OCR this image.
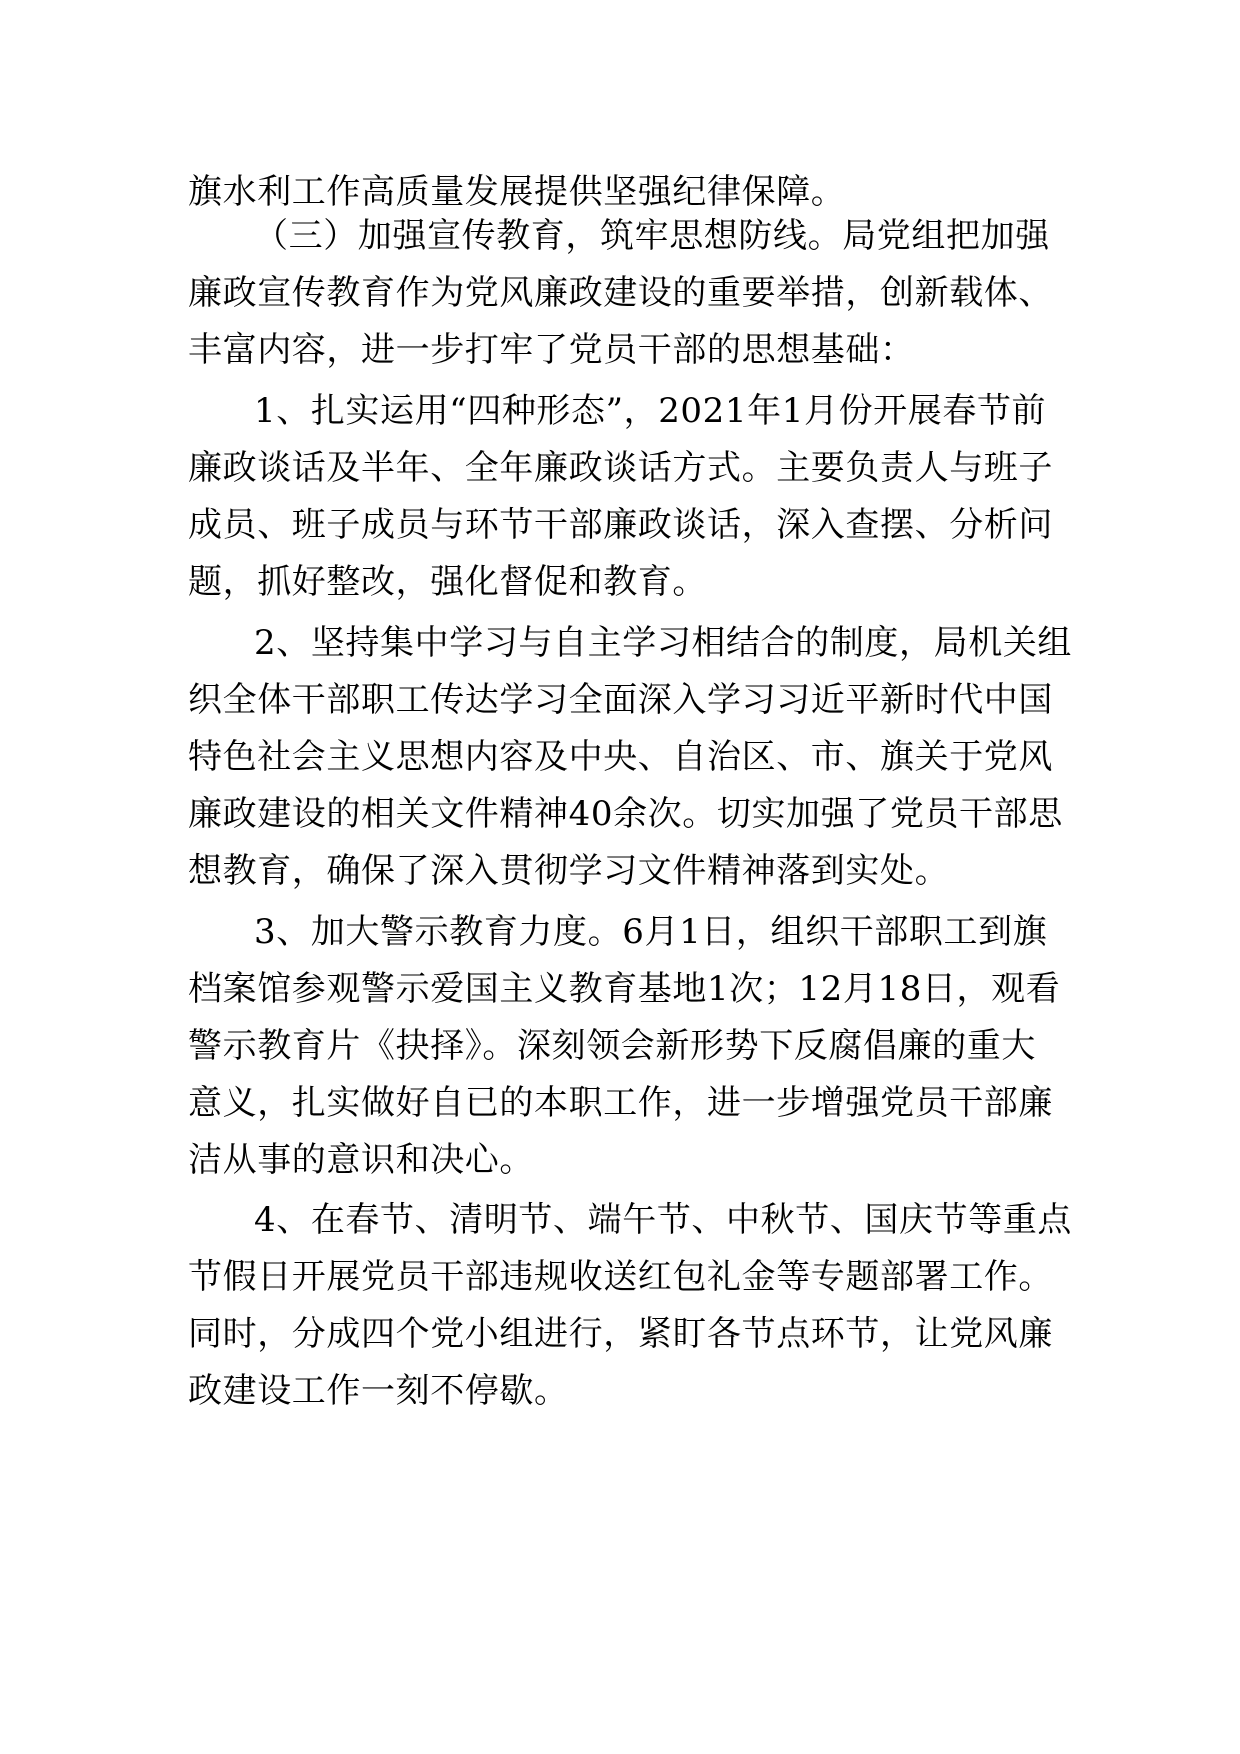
旗水利工作高质量发展提供坚强纪律保障。
（三）加强宣传教育，筑牢思想防线。局党组把加强
廉政宣传教育作为党风廉政建设的重要举措，创新载体、
丰富内容，进一步打牢了党员干部的思想基础：
1、扎实运用“四种形态”，2021年1月份开展春节前
廉政谈话及半年、全年廉政谈话方式。主要负责人与班子
成员、班子成员与环节干部廉政谈话，深入查摆、分析问
题，抓好整改，强化督促和教育。
2、坚持集中学习与自主学习相结合的制度，局机关组
织全体干部职工传达学习全面深入学习习近平新时代中国
特色社会主义思想内容及中央、自治区、市、旗关于党风
廉政建设的相关文件精神40余次。切实加强了党员干部思
想教育，确保了深入贯彻学习文件精神落到实处。
3、加大警示教育力度。6月1日，组织干部职工到旗
档案馆参观警示爱国主义教育基地1次；12月18日，观看
警示教育片《抉择》。深刻领会新形势下反腐倡廉的重大
意义，扎实做好自已的本职工作，进一步增强党员干部廉
洁从事的意识和决心。
4、在春节、清明节、端午节、中秋节、国庆节等重点
节假日开展党员干部违规收送红包礼金等专题部署工作。
同时，分成四个党小组进行，紧盯各节点环节，让党风廉
政建设工作一刻不停歇。
